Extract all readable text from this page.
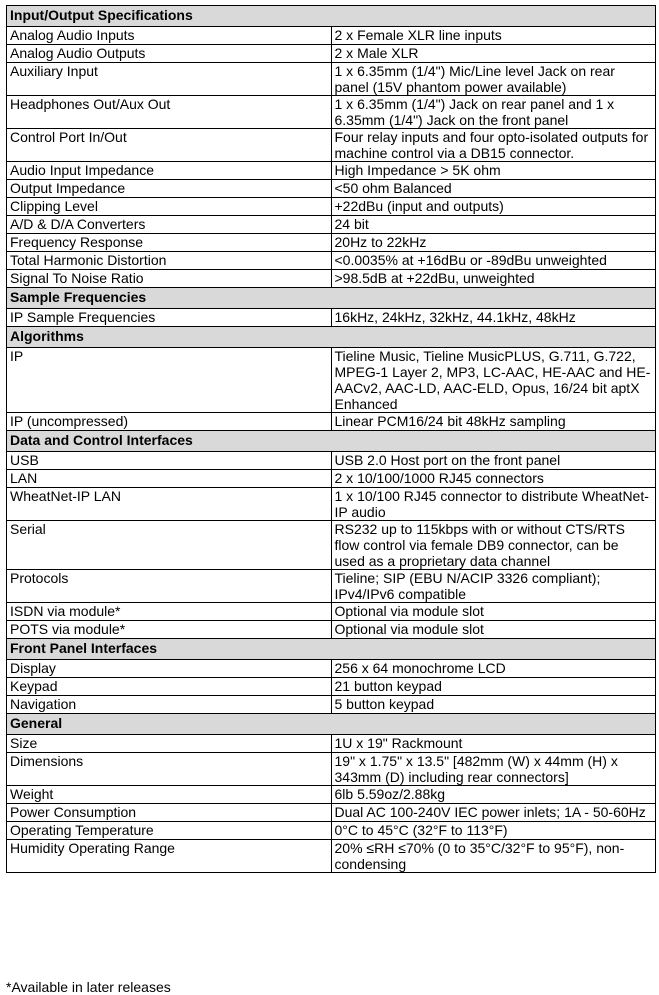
Input/Output Specifications	
Analog Audio Inputs	2 x Female XLR line inputs
Analog Audio Outputs	2 x Male XLR
Auxiliary Input	1 x 6.35mm (1/4") Mic/Line level Jack on rear panel (15V phantom power available)
Headphones Out/Aux Out	1 x 6.35mm (1/4") Jack on rear panel and 1 x 6.35mm (1/4") Jack on the front panel
Control Port In/Out	Four relay inputs and four opto-isolated outputs for machine control via a DB15 connector.
Audio Input Impedance	High Impedance > 5K ohm
Output Impedance	<50 ohm Balanced
Clipping Level	+22dBu (input and outputs)
A/D & D/A Converters	24 bit
Frequency Response	20Hz to 22kHz
Total Harmonic Distortion	<0.0035% at +16dBu or -89dBu unweighted
Signal To Noise Ratio	>98.5dB at +22dBu, unweighted
Sample Frequencies	
IP Sample Frequencies	16kHz, 24kHz, 32kHz, 44.1kHz, 48kHz
Algorithms	
IP	Tieline Music, Tieline MusicPLUS, G.711, G.722, MPEG-1 Layer 2, MP3, LC-AAC, HE-AAC and HE-AACv2, AAC-LD, AAC-ELD, Opus, 16/24 bit aptX Enhanced
IP (uncompressed)	Linear PCM16/24 bit 48kHz sampling
Data and Control Interfaces	
USB	USB 2.0 Host port on the front panel
LAN	2 x 10/100/1000 RJ45 connectors
WheatNet-IP LAN	1 x 10/100 RJ45 connector to distribute WheatNet-IP audio
Serial	RS232 up to 115kbps with or without CTS/RTS flow control via female DB9 connector, can be used as a proprietary data channel
Protocols	Tieline; SIP (EBU N/ACIP 3326 compliant); IPv4/IPv6 compatible
ISDN via module*	Optional via module slot
POTS via module*	Optional via module slot
Front Panel Interfaces	
Display	256 x 64 monochrome LCD
Keypad	21 button keypad
Navigation	5 button keypad
General	
Size	1U x 19" Rackmount
Dimensions	19" x 1.75" x 13.5" [482mm (W) x 44mm (H) x 343mm (D) including rear connectors]
Weight	6lb 5.59oz/2.88kg
Power Consumption	Dual AC 100-240V IEC power inlets; 1A - 50-60Hz
Operating Temperature	0°C to 45°C (32°F to 113°F)
Humidity Operating Range	20% ≤RH ≤70% (0 to 35°C/32°F to 95°F), non-condensing
*Available in later releases
